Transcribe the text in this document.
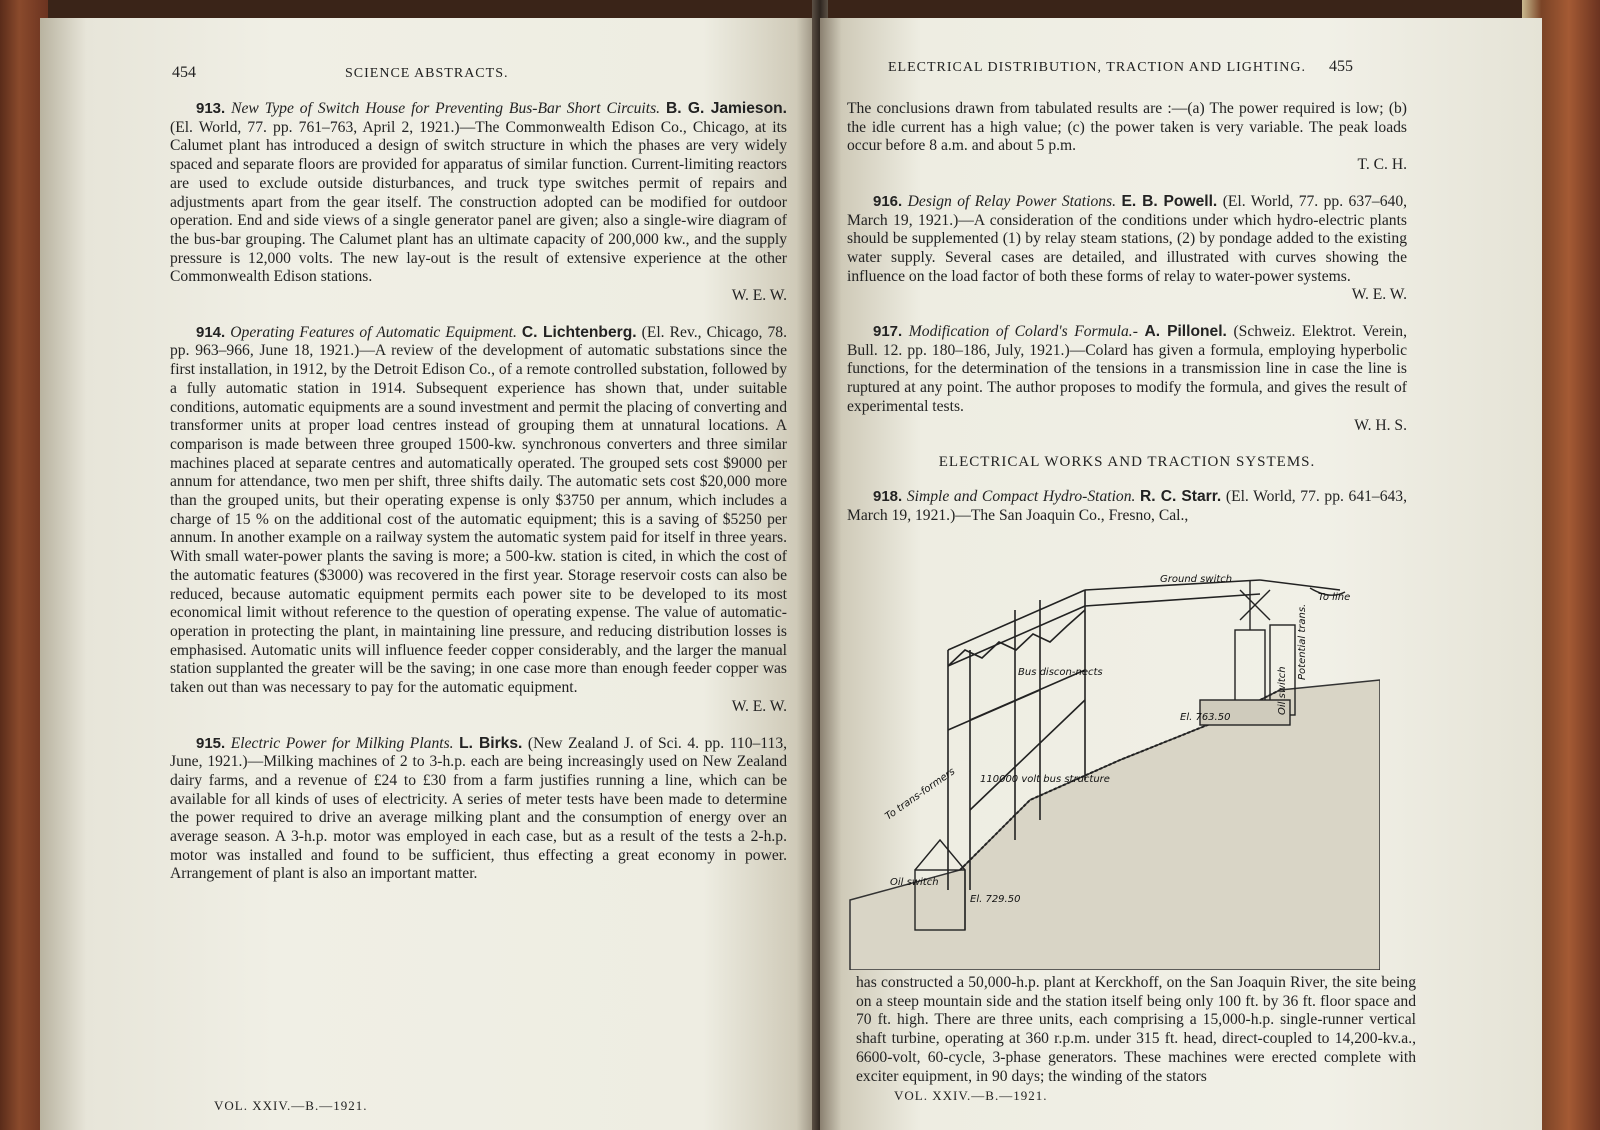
454	SCIENCE ABSTRACTS.

913. New Type of Switch House for Preventing Bus-Bar Short Circuits. B. G. Jamieson. (El. World, 77. pp. 761–763, April 2, 1921.)—The Commonwealth Edison Co., Chicago, at its Calumet plant has introduced a design of switch structure in which the phases are very widely spaced and separate floors are provided for apparatus of similar function. Current-limiting reactors are used to exclude outside disturbances, and truck type switches permit of repairs and adjustments apart from the gear itself. The construction adopted can be modified for outdoor operation. End and side views of a single generator panel are given; also a single-wire diagram of the bus-bar grouping. The Calumet plant has an ultimate capacity of 200,000 kw., and the supply pressure is 12,000 volts. The new lay-out is the result of extensive experience at the other Commonwealth Edison stations.

W. E. W.

914. Operating Features of Automatic Equipment. C. Lichtenberg. (El. Rev., Chicago, 78. pp. 963–966, June 18, 1921.)—A review of the development of automatic substations since the first installation, in 1912, by the Detroit Edison Co., of a remote controlled substation, followed by a fully automatic station in 1914. Subsequent experience has shown that, under suitable conditions, automatic equipments are a sound investment and permit the placing of converting and transformer units at proper load centres instead of grouping them at unnatural locations. A comparison is made between three grouped 1500-kw. synchronous converters and three similar machines placed at separate centres and automatically operated. The grouped sets cost $9000 per annum for attendance, two men per shift, three shifts daily. The automatic sets cost $20,000 more than the grouped units, but their operating expense is only $3750 per annum, which includes a charge of 15 % on the additional cost of the automatic equipment; this is a saving of $5250 per annum. In another example on a railway system the automatic system paid for itself in three years. With small water-power plants the saving is more; a 500-kw. station is cited, in which the cost of the automatic features ($3000) was recovered in the first year. Storage reservoir costs can also be reduced, because automatic equipment permits each power site to be developed to its most economical limit without reference to the question of operating expense. The value of automatic-operation in protecting the plant, in maintaining line pressure, and reducing distribution losses is emphasised. Automatic units will influence feeder copper considerably, and the larger the manual station supplanted the greater will be the saving; in one case more than enough feeder copper was taken out than was necessary to pay for the automatic equipment.

W. E. W.

915. Electric Power for Milking Plants. L. Birks. (New Zealand J. of Sci. 4. pp. 110–113, June, 1921.)—Milking machines of 2 to 3-h.p. each are being increasingly used on New Zealand dairy farms, and a revenue of £24 to £30 from a farm justifies running a line, which can be available for all kinds of uses of electricity. A series of meter tests have been made to determine the power required to drive an average milking plant and the consumption of energy over an average season. A 3-h.p. motor was employed in each case, but as a result of the tests a 2-h.p. motor was installed and found to be sufficient, thus effecting a great economy in power. Arrangement of plant is also an important matter.

VOL. XXIV.—B.—1921.
ELECTRICAL DISTRIBUTION, TRACTION AND LIGHTING. 455

The conclusions drawn from tabulated results are :—(a) The power required is low; (b) the idle current has a high value; (c) the power taken is very variable. The peak loads occur before 8 a.m. and about 5 p.m.

T. C. H.

916. Design of Relay Power Stations. E. B. Powell. (El. World, 77. pp. 637–640, March 19, 1921.)—A consideration of the conditions under which hydro-electric plants should be supplemented (1) by relay steam stations, (2) by pondage added to the existing water supply. Several cases are detailed, and illustrated with curves showing the influence on the load factor of both these forms of relay to water-power systems.

W. E. W.

917. Modification of Colard's Formula.- A. Pillonel. (Schweiz. Elektrot. Verein, Bull. 12. pp. 180–186, July, 1921.)—Colard has given a formula, employing hyperbolic functions, for the determination of the tensions in a transmission line in case the line is ruptured at any point. The author proposes to modify the formula, and gives the result of experimental tests.

W. H. S.

ELECTRICAL WORKS AND TRACTION SYSTEMS.

918. Simple and Compact Hydro-Station. R. C. Starr. (El. World, 77. pp. 641–643, March 19, 1921.)—The San Joaquin Co., Fresno, Cal.,

Ground switch
To line
Potential trans.
Oil switch
Bus discon-nects
El. 763.50
110000 volt bus structure
To trans-formers
Oil switch
El. 729.50

has constructed a 50,000-h.p. plant at Kerckhoff, on the San Joaquin River, the site being on a steep mountain side and the station itself being only 100 ft. by 36 ft. floor space and 70 ft. high. There are three units, each comprising a 15,000-h.p. single-runner vertical shaft turbine, operating at 360 r.p.m. under 315 ft. head, direct-coupled to 14,200-kv.a., 6600-volt, 60-cycle, 3-phase generators. These machines were erected complete with exciter equipment, in 90 days; the winding of the stators

VOL. XXIV.—B.—1921.
